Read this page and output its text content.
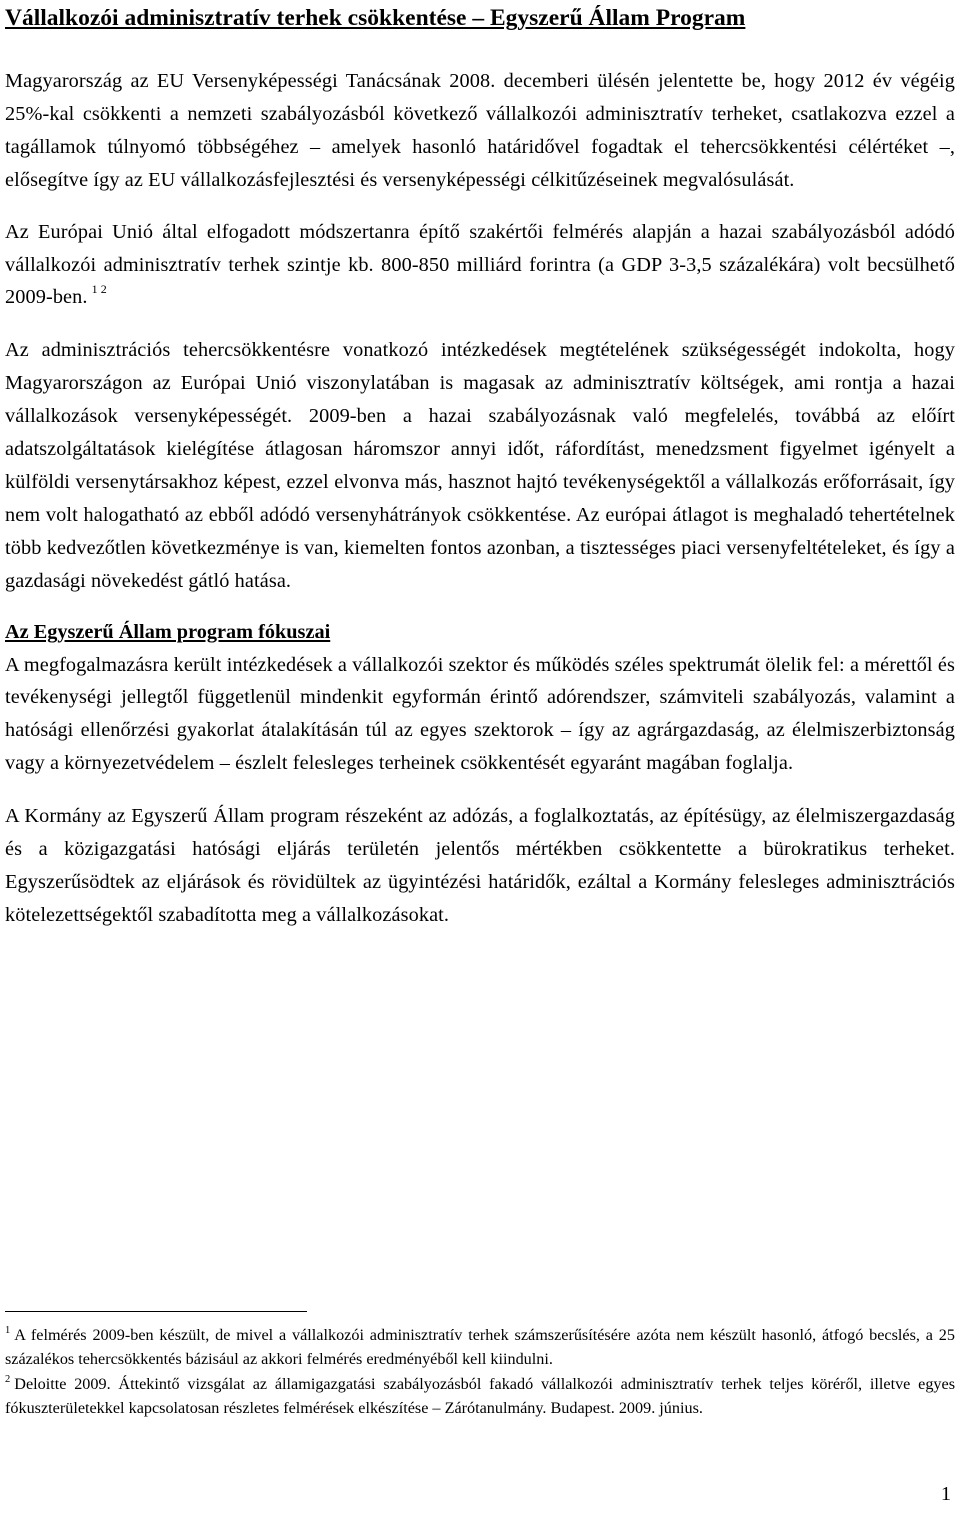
Vállalkozói adminisztratív terhek csökkentése – Egyszerű Állam Program

Magyarország az EU Versenyképességi Tanácsának 2008. decemberi ülésén jelentette be, hogy 2012 év végéig 25%-kal csökkenti a nemzeti szabályozásból következő vállalkozói adminisztratív terheket, csatlakozva ezzel a tagállamok túlnyomó többségéhez – amelyek hasonló határidővel fogadtak el tehercsökkentési célértéket –, elősegítve így az EU vállalkozásfejlesztési és versenyképességi célkitűzéseinek megvalósulását.

Az Európai Unió által elfogadott módszertanra építő szakértői felmérés alapján a hazai szabályozásból adódó vállalkozói adminisztratív terhek szintje kb. 800-850 milliárd forintra (a GDP 3-3,5 százalékára) volt becsülhető 2009-ben. $^{1 2}$

Az adminisztrációs tehercsökkentésre vonatkozó intézkedések megtételének szükségességét indokolta, hogy Magyarországon az Európai Unió viszonylatában is magasak az adminisztratív költségek, ami rontja a hazai vállalkozások versenyképességét. 2009-ben a hazai szabályozásnak való megfelelés, továbbá az előírt adatszolgáltatások kielégítése átlagosan háromszor annyi időt, ráfordítást, menedzsment figyelmet igényelt a külföldi versenytársakhoz képest, ezzel elvonva más, hasznot hajtó tevékenységektől a vállalkozás erőforrásait, így nem volt halogatható az ebből adódó versenyhátrányok csökkentése. Az európai átlagot is meghaladó tehertételnek több kedvezőtlen következménye is van, kiemelten fontos azonban, a tisztességes piaci versenyfeltételeket, és így a gazdasági növekedést gátló hatása.

Az Egyszerű Állam program fókuszai

A megfogalmazásra került intézkedések a vállalkozói szektor és működés széles spektrumát ölelik fel: a mérettől és tevékenységi jellegtől függetlenül mindenkit egyformán érintő adórendszer, számviteli szabályozás, valamint a hatósági ellenőrzési gyakorlat átalakításán túl az egyes szektorok – így az agrárgazdaság, az élelmiszerbiztonság vagy a környezetvédelem – észlelt felesleges terheinek csökkentését egyaránt magában foglalja.

A Kormány az Egyszerű Állam program részeként az adózás, a foglalkoztatás, az építésügy, az élelmiszergazdaság és a közigazgatási hatósági eljárás területén jelentős mértékben csökkentette a bürokratikus terheket. Egyszerűsödtek az eljárások és rövidültek az ügyintézési határidők, ezáltal a Kormány felesleges adminisztrációs kötelezettségektől szabadította meg a vállalkozásokat.

$^1$ A felmérés 2009-ben készült, de mivel a vállalkozói adminisztratív terhek számszerűsítésére azóta nem készült hasonló, átfogó becslés, a 25 százalékos tehercsökkentés bázisául az akkori felmérés eredményéből kell kiindulni.

$^2$ Deloitte 2009. Áttekintő vizsgálat az államigazgatási szabályozásból fakadó vállalkozói adminisztratív terhek teljes köréről, illetve egyes fókuszterületekkel kapcsolatosan részletes felmérések elkészítése – Zárótanulmány. Budapest. 2009. június.

1
